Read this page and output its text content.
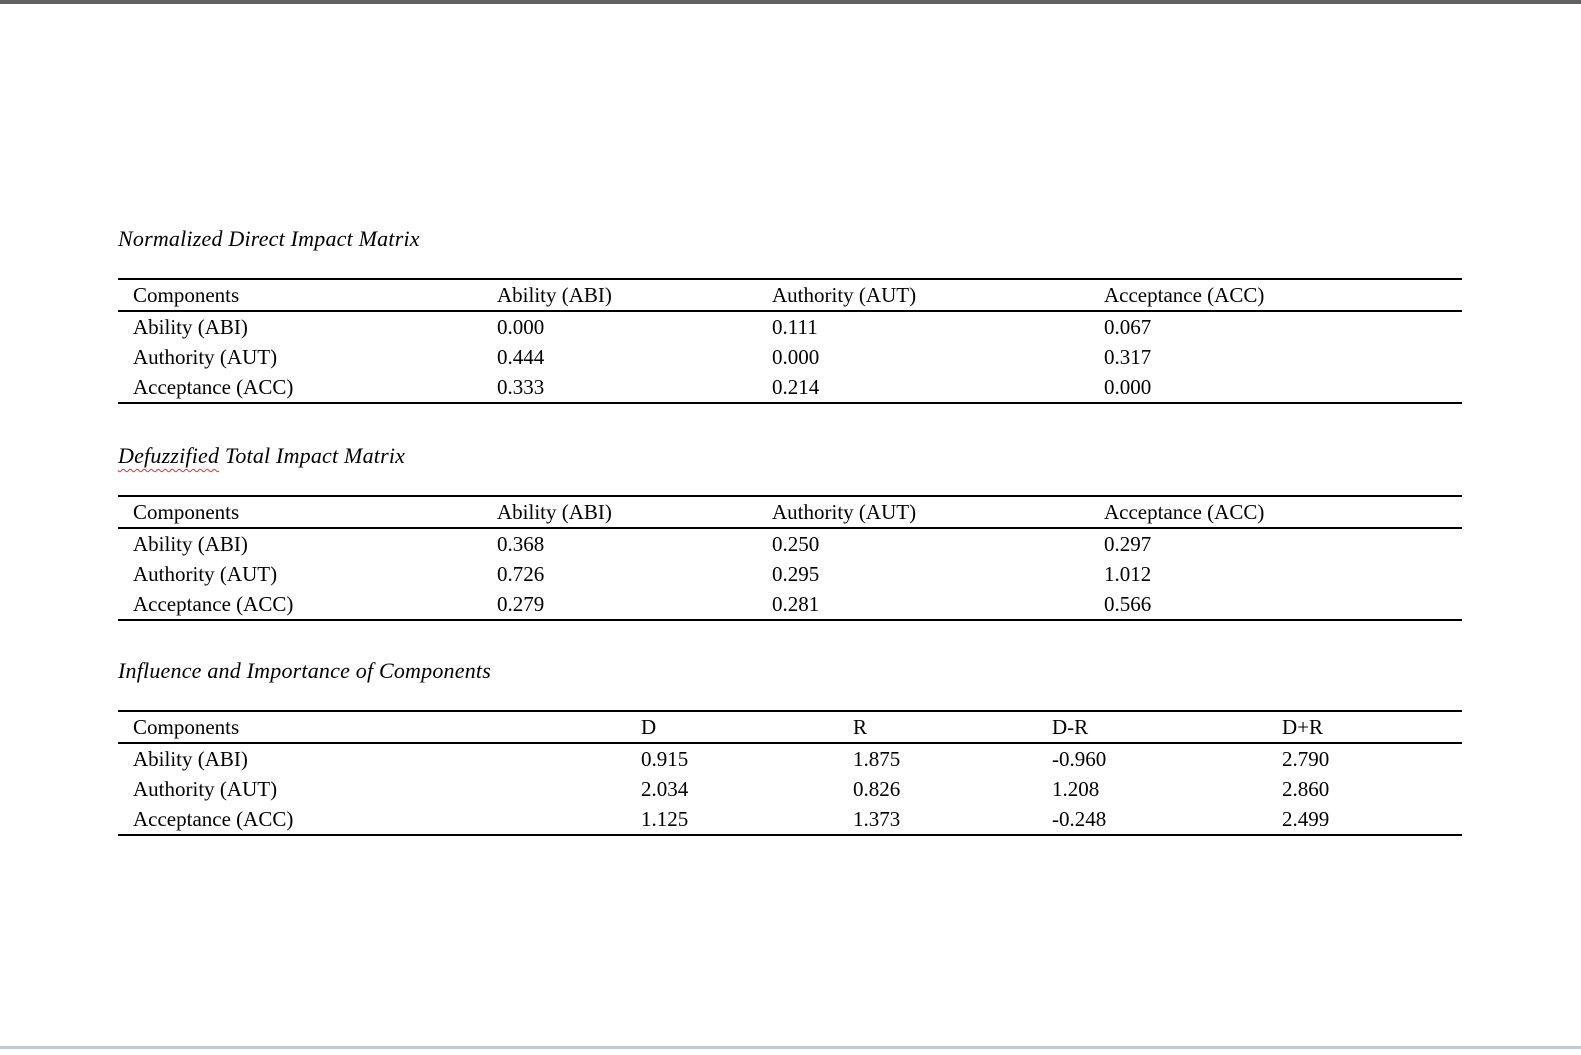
Normalized Direct Impact Matrix
Components	Ability (ABI)	Authority (AUT)	Acceptance (ACC)
Ability (ABI)	0.000	0.111	0.067
Authority (AUT)	0.444	0.000	0.317
Acceptance (ACC)	0.333	0.214	0.000
Defuzzified Total Impact Matrix
Components	Ability (ABI)	Authority (AUT)	Acceptance (ACC)
Ability (ABI)	0.368	0.250	0.297
Authority (AUT)	0.726	0.295	1.012
Acceptance (ACC)	0.279	0.281	0.566
Influence and Importance of Components
Components	D	R	D-R	D+R
Ability (ABI)	0.915	1.875	-0.960	2.790
Authority (AUT)	2.034	0.826	1.208	2.860
Acceptance (ACC)	1.125	1.373	-0.248	2.499
